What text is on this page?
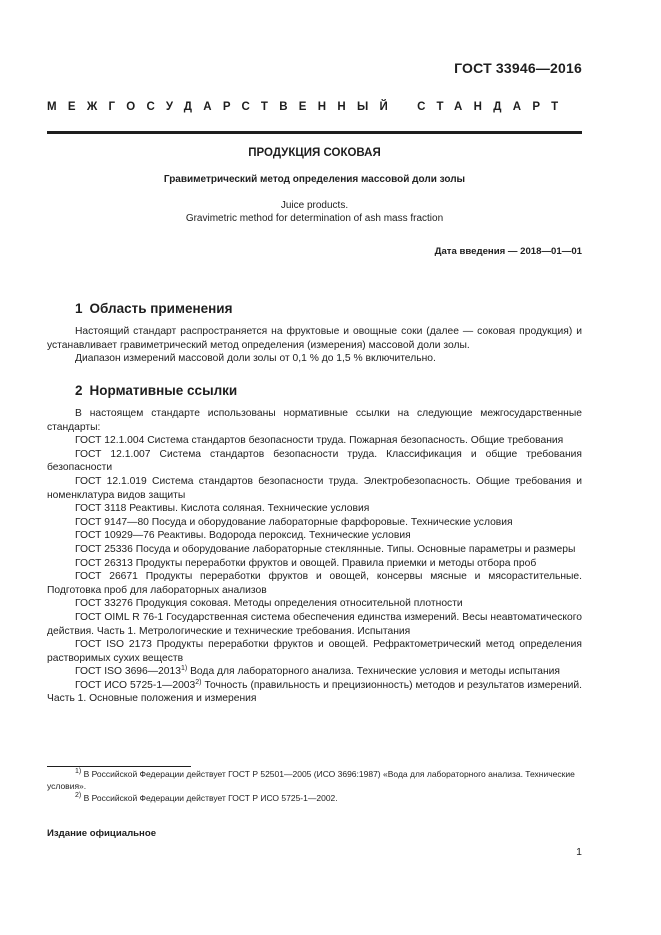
ГОСТ 33946—2016
МЕЖГОСУДАРСТВЕННЫЙ СТАНДАРТ
ПРОДУКЦИЯ СОКОВАЯ
Гравиметрический метод определения массовой доли золы
Juice products.
Gravimetric method for determination of ash mass fraction
Дата введения — 2018—01—01
1 Область применения

Настоящий стандарт распространяется на фруктовые и овощные соки (далее — соковая продукция) и устанавливает гравиметрический метод определения (измерения) массовой доли золы.

Диапазон измерений массовой доли золы от 0,1 % до 1,5 % включительно.

2 Нормативные ссылки

В настоящем стандарте использованы нормативные ссылки на следующие межгосударственные стандарты:

ГОСТ 12.1.004 Система стандартов безопасности труда. Пожарная безопасность. Общие требования

ГОСТ 12.1.007 Система стандартов безопасности труда. Классификация и общие требования безопасности

ГОСТ 12.1.019 Система стандартов безопасности труда. Электробезопасность. Общие требования и номенклатура видов защиты

ГОСТ 3118 Реактивы. Кислота соляная. Технические условия

ГОСТ 9147—80 Посуда и оборудование лабораторные фарфоровые. Технические условия

ГОСТ 10929—76 Реактивы. Водорода пероксид. Технические условия

ГОСТ 25336 Посуда и оборудование лабораторные стеклянные. Типы. Основные параметры и размеры

ГОСТ 26313 Продукты переработки фруктов и овощей. Правила приемки и методы отбора проб

ГОСТ 26671 Продукты переработки фруктов и овощей, консервы мясные и мясорастительные. Подготовка проб для лабораторных анализов

ГОСТ 33276 Продукция соковая. Методы определения относительной плотности

ГОСТ OIML R 76-1 Государственная система обеспечения единства измерений. Весы неавтоматического действия. Часть 1. Метрологические и технические требования. Испытания

ГОСТ ISO 2173 Продукты переработки фруктов и овощей. Рефрактометрический метод определения растворимых сухих веществ

ГОСТ ISO 3696—2013$^{1)}$ Вода для лабораторного анализа. Технические условия и методы испытания

ГОСТ ИСО 5725-1—2003$^{2)}$ Точность (правильность и прецизионность) методов и результатов измерений. Часть 1. Основные положения и измерения

$^{1)}$ В Российской Федерации действует ГОСТ Р 52501—2005 (ИСО 3696:1987) «Вода для лабораторного анализа. Технические условия».

$^{2)}$ В Российской Федерации действует ГОСТ Р ИСО 5725-1—2002.

Издание официальное
1
